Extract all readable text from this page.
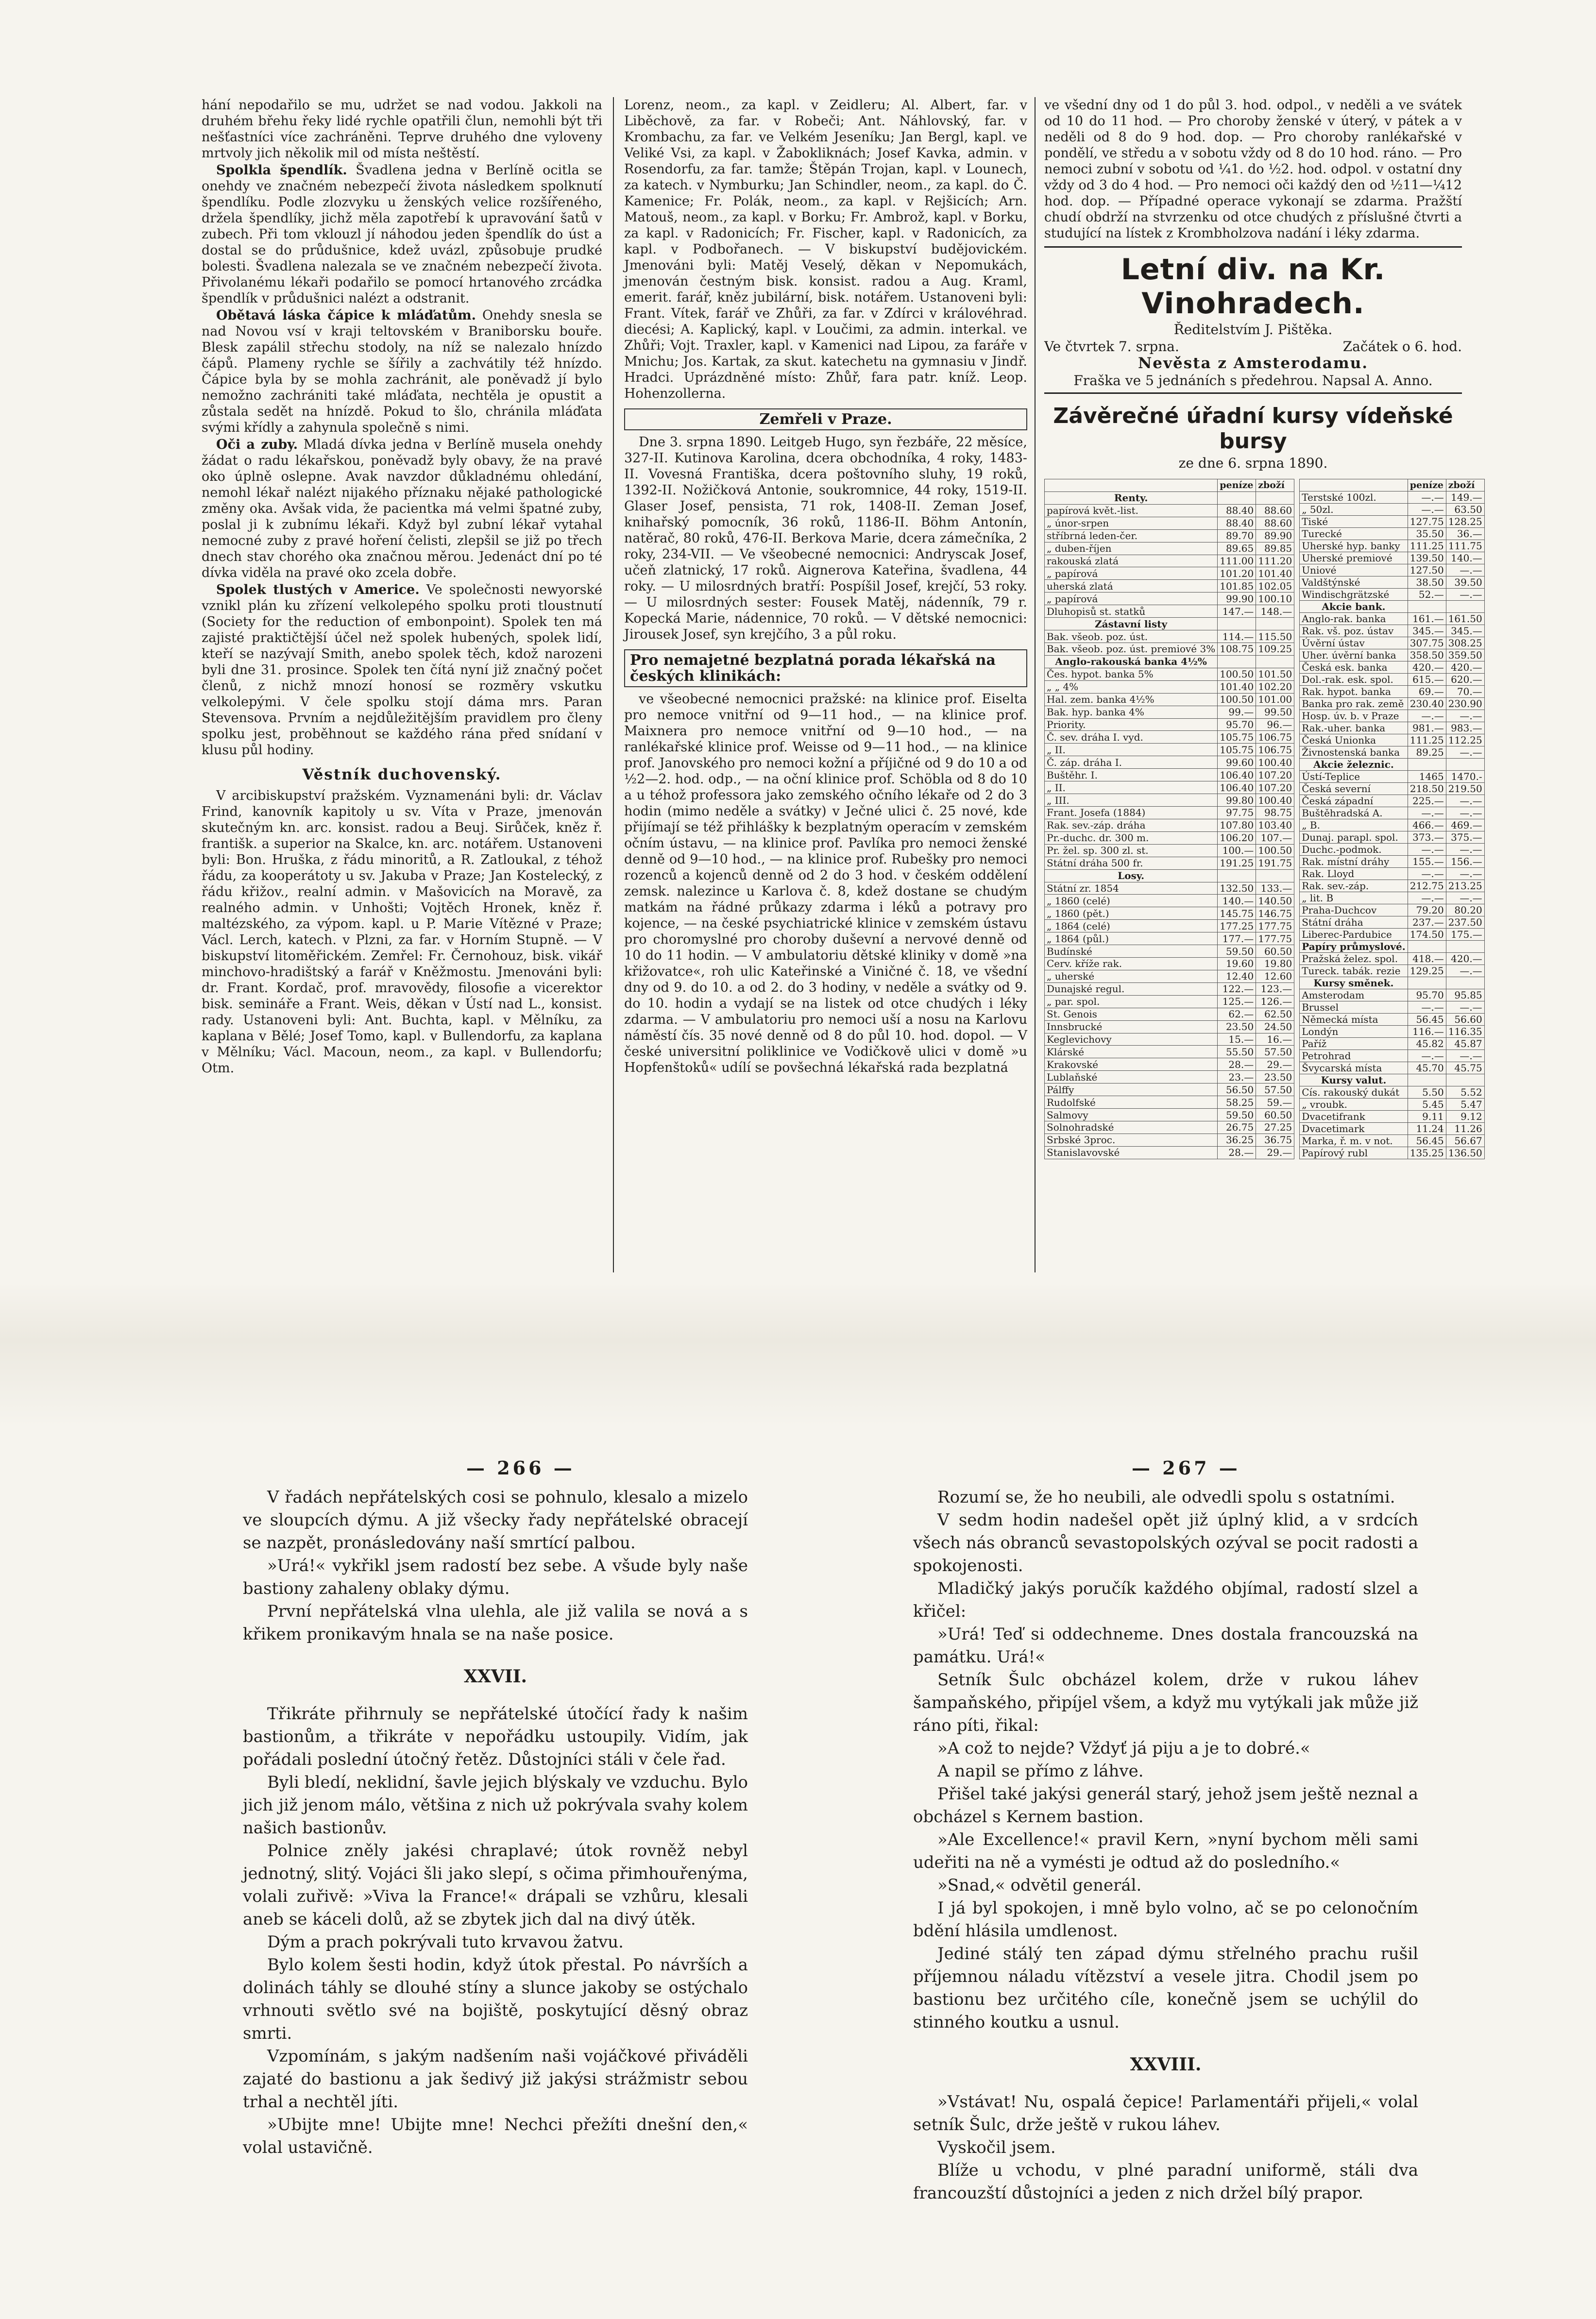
hání nepodařilo se mu, udržet se nad vodou. Jakkoli na druhém břehu řeky lidé rychle opatřili člun, nemohli být tři nešťastníci více zachráněni. Teprve druhého dne vyloveny mrtvoly jich několik mil od místa neštěstí.

Spolkla špendlík. Švadlena jedna v Berlíně ocitla se onehdy ve značném nebezpečí života následkem spolknutí špendlíku. Podle zlozvyku u ženských velice rozšířeného, držela špendlíky, jichž měla zapotřebí k upravování šatů v zubech. Při tom vklouzl jí náhodou jeden špendlík do úst a dostal se do průdušnice, kdež uvázl, způsobuje prudké bolesti. Švadlena nalezala se ve značném nebezpečí života. Přivolanému lékaři podařilo se pomocí hrtanového zrcádka špendlík v průdušnici nalézt a odstranit.

Obětavá láska čápice k mláďatům. Onehdy snesla se nad Novou vsí v kraji teltovském v Braniborsku bouře. Blesk zapálil střechu stodoly, na níž se nalezalo hnízdo čápů. Plameny rychle se šířily a zachvátily též hnízdo. Čápice byla by se mohla zachránit, ale poněvadž jí bylo nemožno zachrániti také mláďata, nechtěla je opustit a zůstala sedět na hnízdě. Pokud to šlo, chránila mláďata svými křídly a zahynula společně s nimi.

Oči a zuby. Mladá dívka jedna v Berlíně musela onehdy žádat o radu lékařskou, poněvadž byly obavy, že na pravé oko úplně oslepne. Avak navzdor důkladnému ohledání, nemohl lékař nalézt nijakého příznaku nějaké pathologické změny oka. Avšak vida, že pacientka má velmi špatné zuby, poslal ji k zubnímu lékaři. Když byl zubní lékař vytahal nemocné zuby z pravé hoření čelisti, zlepšil se již po třech dnech stav chorého oka značnou měrou. Jedenáct dní po té dívka viděla na pravé oko zcela dobře.

Spolek tlustých v Americe. Ve společnosti newyorské vznikl plán ku zřízení velkolepého spolku proti tloustnutí (Society for the reduction of embonpoint). Spolek ten má zajisté praktičtější účel než spolek hubených, spolek lidí, kteří se nazývají Smith, anebo spolek těch, kdož narozeni byli dne 31. prosince. Spolek ten čítá nyní již značný počet členů, z nichž mnozí honosí se rozměry vskutku velkolepými. V čele spolku stojí dáma mrs. Paran Stevensova. Prvním a nejdůležitějším pravidlem pro členy spolku jest, proběhnout se každého rána před snídaní v klusu půl hodiny.

Věstník duchovenský.

V arcibiskupství pražském. Vyznamenáni byli: dr. Václav Frind, kanovník kapitoly u sv. Víta v Praze, jmenován skutečným kn. arc. konsist. radou a Beuj. Sirůček, kněz ř. františk. a superior na Skalce, kn. arc. notářem. Ustanoveni byli: Bon. Hruška, z řádu minoritů, a R. Zatloukal, z téhož řádu, za kooperátoty u sv. Jakuba v Praze; Jan Kostelecký, z řádu křižov., realní admin. v Mašovicích na Moravě, za realného admin. v Unhošti; Vojtěch Hronek, kněz ř. maltézského, za výpom. kapl. u P. Marie Vítězné v Praze; Václ. Lerch, katech. v Plzni, za far. v Horním Stupně. — V biskupství litoměřickém. Zemřel: Fr. Černohouz, bisk. vikář minchovo-hradištský a farář v Kněžmostu. Jmenováni byli: dr. Frant. Kordač, prof. mravovědy, filosofie a vicerektor bisk. semináře a Frant. Weis, děkan v Ústí nad L., konsist. rady. Ustanoveni byli: Ant. Buchta, kapl. v Mělníku, za kaplana v Bělé; Josef Tomo, kapl. v Bullendorfu, za kaplana v Mělníku; Václ. Macoun, neom., za kapl. v Bullendorfu; Otm.

Lorenz, neom., za kapl. v Zeidleru; Al. Albert, far. v Liběchově, za far. v Robeči; Ant. Náhlovský, far. v Krombachu, za far. ve Velkém Jeseníku; Jan Bergl, kapl. ve Veliké Vsi, za kapl. v Žabokliknách; Josef Kavka, admin. v Rosendorfu, za far. tamže; Štěpán Trojan, kapl. v Lounech, za katech. v Nymburku; Jan Schindler, neom., za kapl. do Č. Kamenice; Fr. Polák, neom., za kapl. v Rejšicích; Arn. Matouš, neom., za kapl. v Borku; Fr. Ambrož, kapl. v Borku, za kapl. v Radonicích; Fr. Fischer, kapl. v Radonicích, za kapl. v Podbořanech. — V biskupství budějovickém. Jmenováni byli: Matěj Veselý, děkan v Nepomukách, jmenován čestným bisk. konsist. radou a Aug. Kraml, emerit. farář, kněz jubilární, bisk. notářem. Ustanoveni byli: Frant. Vítek, farář ve Zhůři, za far. v Zdírci v královéhrad. diecési; A. Kaplický, kapl. v Loučimi, za admin. interkal. ve Zhůři; Vojt. Traxler, kapl. v Kamenici nad Lipou, za faráře v Mnichu; Jos. Kartak, za skut. katechetu na gymnasiu v Jindř. Hradci. Uprázdněné místo: Zhůř, fara patr. kníž. Leop. Hohenzollerna.

Zemřeli v Praze.

Dne 3. srpna 1890. Leitgeb Hugo, syn řezbáře, 22 měsíce, 327-II. Kutinova Karolina, dcera obchodníka, 4 roky, 1483-II. Vovesná Františka, dcera poštovního sluhy, 19 roků, 1392-II. Nožičková Antonie, soukromnice, 44 roky, 1519-II. Glaser Josef, pensista, 71 rok, 1408-II. Zeman Josef, knihařský pomocník, 36 roků, 1186-II. Böhm Antonín, natěrač, 80 roků, 476-II. Berkova Marie, dcera zámečníka, 2 roky, 234-VII. — Ve všeobecné nemocnici: Andryscak Josef, učeň zlatnický, 17 roků. Aignerova Kateřina, švadlena, 44 roky. — U milosrdných bratří: Pospíšil Josef, krejčí, 53 roky. — U milosrdných sester: Fousek Matěj, nádenník, 79 r. Kopecká Marie, nádennice, 70 roků. — V dětské nemocnici: Jirousek Josef, syn krejčího, 3 a půl roku.

Pro nemajetné bezplatná porada lékařská na českých klinikách:

ve všeobecné nemocnici pražské: na klinice prof. Eiselta pro nemoce vnitřní od 9—11 hod., — na klinice prof. Maixnera pro nemoce vnitřní od 9—10 hod., — na ranlékařské klinice prof. Weisse od 9—11 hod., — na klinice prof. Janovského pro nemoci kožní a příjičné od 9 do 10 a od ½2—2. hod. odp., — na oční klinice prof. Schöbla od 8 do 10 a u téhož professora jako zemského očního lékaře od 2 do 3 hodin (mimo neděle a svátky) v Ječné ulici č. 25 nové, kde přijímají se též přihlášky k bezplatným operacím v zemském očním ústavu, — na klinice prof. Pavlíka pro nemoci ženské denně od 9—10 hod., — na klinice prof. Rubešky pro nemoci rozenců a kojenců denně od 2 do 3 hod. v českém oddělení zemsk. nalezince u Karlova č. 8, kdež dostane se chudým matkám na řádné průkazy zdarma i léků a potravy pro kojence, — na české psychiatrické klinice v zemském ústavu pro choromyslné pro choroby duševní a nervové denně od 10 do 11 hodin. — V ambulatoriu dětské kliniky v domě »na křižovatce«, roh ulic Kateřinské a Viničné č. 18, ve všední dny od 9. do 10. a od 2. do 3 hodiny, v neděle a svátky od 9. do 10. hodin a vydají se na listek od otce chudých i léky zdarma. — V ambulatoriu pro nemoci uší a nosu na Karlovu náměstí čís. 35 nové denně od 8 do půl 10. hod. dopol. — V české universitní poliklinice ve Vodičkově ulici v domě »u Hopfenštoků« udílí se povšechná lékařská rada bezplatná

ve všední dny od 1 do půl 3. hod. odpol., v neděli a ve svátek od 10 do 11 hod. — Pro choroby ženské v úterý, v pátek a v neděli od 8 do 9 hod. dop. — Pro choroby ranlékařské v pondělí, ve středu a v sobotu vždy od 8 do 10 hod. ráno. — Pro nemoci zubní v sobotu od ¼1. do ½2. hod. odpol. v ostatní dny vždy od 3 do 4 hod. — Pro nemoci oči každý den od ½11—¼12 hod. dop. — Případné operace vykonají se zdarma. Pražští chudí obdrží na stvrzenku od otce chudých z příslušné čtvrti a studující na lístek z Krombholzova nadání i léky zdarma.

Letní div. na Kr. Vinohradech.
Ředitelstvím J. Pištěka.
Ve čtvrtek 7. srpna.	Začátek o 6. hod.
Nevěsta z Amsterodamu.
Fraška ve 5 jednáních s předehrou. Napsal A. Anno.
Závěrečné úřadní kursy vídeňské bursy
ze dne 6. srpna 1890.
	peníze	zboží
Renty.		
papírová květ.-list.	88.40	88.60
„ únor-srpen	88.40	88.60
stříbrná leden-čer.	89.70	89.90
„ duben-říjen	89.65	89.85
rakouská zlatá	111.00	111.20
„ papírová	101.20	101.40
uherská zlatá	101.85	102.05
„ papírová	99.90	100.10
Dluhopisů st. statků	147.—	148.—
Zástavní listy		
Bak. všeob. poz. úst.	114.—	115.50
Bak. všeob. poz. úst. premiové 3%	108.75	109.25
Anglo-rakouská banka 4½%		
Čes. hypot. banka 5%	100.50	101.50
„ „ 4%	101.40	102.20
Hal. zem. banka 4½%	100.50	101.00
Bak. hyp. banka 4%	99.—	99.50
Priority.	95.70	96.—
Č. sev. dráha I. vyd.	105.75	106.75
„ II.	105.75	106.75
Č. záp. dráha I.	99.60	100.40
Buštěhr. I.	106.40	107.20
„ II.	106.40	107.20
„ III.	99.80	100.40
Frant. Josefa (1884)	97.75	98.75
Rak. sev.-záp. dráha	107.80	103.40
Pr.-duchc. dr. 300 m.	106.20	107.—
Pr. žel. sp. 300 zl. st.	100.—	100.50
Státní dráha 500 fr.	191.25	191.75
Losy.		
Státní zr. 1854	132.50	133.—
„ 1860 (celé)	140.—	140.50
„ 1860 (pět.)	145.75	146.75
„ 1864 (celé)	177.25	177.75
„ 1864 (půl.)	177.—	177.75
Budínské	59.50	60.50
Cerv. kříže rak.	19.60	19.80
„ uherské	12.40	12.60
Dunajské regul.	122.—	123.—
„ par. spol.	125.—	126.—
St. Genois	62.—	62.50
Innsbrucké	23.50	24.50
Keglevichovy	15.—	16.—
Klárské	55.50	57.50
Krakovské	28.—	29.—
Lublaňské	23.—	23.50
Pálffy	56.50	57.50
Rudolfské	58.25	59.—
Salmovy	59.50	60.50
Solnohradské	26.75	27.25
Srbské 3proc.	36.25	36.75
Stanislavovské	28.—	29.—
	peníze	zboží
Terstské 100zl.	—.—	149.—
„ 50zl.	—.—	63.50
Tiské	127.75	128.25
Turecké	35.50	36.—
Uherské hyp. banky	111.25	111.75
Uherské premiové	139.50	140.—
Uniové	127.50	—.—
Valdštýnské	38.50	39.50
Windischgrätzské	52.—	—.—
Akcie bank.		
Anglo-rak. banka	161.—	161.50
Rak. vš. poz. ústav	345.—	345.—
Úvěrní ústav	307.75	308.25
Uher. úvěrní banka	358.50	359.50
Česká esk. banka	420.—	420.—
Dol.-rak. esk. spol.	615.—	620.—
Rak. hypot. banka	69.—	70.—
Banka pro rak. země	230.40	230.90
Hosp. úv. b. v Praze	—.—	—.—
Rak.-uher. banka	981.—	983.—
Česká Unionka	111.25	112.25
Živnostenská banka	89.25	—.—
Akcie železnic.		
Ústí-Teplice	1465	1470.-
Česká severní	218.50	219.50
Česká západní	225.—	—.—
Buštěhradská A.	—.—	—.—
„ B.	466.—	469.—
Dunaj. parapl. spol.	373.—	375.—
Duchc.-podmok.	—.—	—.—
Rak. místní dráhy	155.—	156.—
Rak. Lloyd	—.—	—.—
Rak. sev.-záp.	212.75	213.25
„ lit. B	—.—	—.—
Praha-Duchcov	79.20	80.20
Státní dráha	237.—	237.50
Liberec-Pardubice	174.50	175.—
Papíry průmyslové.		
Pražská želez. spol.	418.—	420.—
Tureck. tabák. rezie	129.25	—.—
Kursy směnek.		
Amsterodam	95.70	95.85
Brussel	—.—	—.—
Německá místa	56.45	56.60
Londýn	116.—	116.35
Paříž	45.82	45.87
Petrohrad	—.—	—.—
Švycarská místa	45.70	45.75
Kursy valut.		
Cís. rakouský dukát	5.50	5.52
„ vroubk.	5.45	5.47
Dvacetifrank	9.11	9.12
Dvacetimark	11.24	11.26
Marka, ř. m. v not.	56.45	56.67
Papírový rubl	135.25	136.50
— 266 —	— 267 —

V řadách nepřátelských cosi se pohnulo, klesalo a mizelo ve sloupcích dýmu. A již všecky řady nepřátelské obracejí se nazpět, pronásledovány naší smrtící palbou.

»Urá!« vykřikl jsem radostí bez sebe. A všude byly naše bastiony zahaleny oblaky dýmu.

První nepřátelská vlna ulehla, ale již valila se nová a s křikem pronikavým hnala se na naše posice.

XXVII.

Třikráte přihrnuly se nepřátelské útočící řady k našim bastionům, a třikráte v nepořádku ustoupily. Vidím, jak pořádali poslední útočný řetěz. Důstojníci stáli v čele řad.

Byli bledí, neklidní, šavle jejich blýskaly ve vzduchu. Bylo jich již jenom málo, většina z nich už pokrývala svahy kolem našich bastionův.

Polnice zněly jakési chraplavé; útok rovněž nebyl jednotný, slitý. Vojáci šli jako slepí, s očima přimhouřenýma, volali zuřivě: »Viva la France!« drápali se vzhůru, klesali aneb se káceli dolů, až se zbytek jich dal na divý útěk.

Dým a prach pokrývali tuto krvavou žatvu.

Bylo kolem šesti hodin, když útok přestal. Po návrších a dolinách táhly se dlouhé stíny a slunce jakoby se ostýchalo vrhnouti světlo své na bojiště, poskytující děsný obraz smrti.

Vzpomínám, s jakým nadšením naši vojáčkové přiváděli zajaté do bastionu a jak šedivý již jakýsi strážmistr sebou trhal a nechtěl jíti.

»Ubijte mne! Ubijte mne! Nechci přežíti dnešní den,« volal ustavičně.

Rozumí se, že ho neubili, ale odvedli spolu s ostatními.

V sedm hodin nadešel opět již úplný klid, a v srdcích všech nás obranců sevastopolských ozýval se pocit radosti a spokojenosti.

Mladičký jakýs poručík každého objímal, radostí slzel a křičel:

»Urá! Teď si oddechneme. Dnes dostala francouzská na památku. Urá!«

Setník Šulc obcházel kolem, drže v rukou láhev šampaňského, připíjel všem, a když mu vytýkali jak může již ráno píti, řikal:

»A což to nejde? Vždyť já piju a je to dobré.«

A napil se přímo z láhve.

Přišel také jakýsi generál starý, jehož jsem ještě neznal a obcházel s Kernem bastion.

»Ale Excellence!« pravil Kern, »nyní bychom měli sami udeřiti na ně a vymésti je odtud až do posledního.«

»Snad,« odvětil generál.

I já byl spokojen, i mně bylo volno, ač se po celonočním bdění hlásila umdlenost.

Jediné stálý ten západ dýmu střelného prachu rušil příjemnou náladu vítězství a vesele jitra. Chodil jsem po bastionu bez určitého cíle, konečně jsem se uchýlil do stinného koutku a usnul.

XXVIII.

»Vstávat! Nu, ospalá čepice! Parlamentáři přijeli,« volal setník Šulc, drže ještě v rukou láhev.

Vyskočil jsem.

Blíže u vchodu, v plné paradní uniformě, stáli dva francouzští důstojníci a jeden z nich držel bílý prapor.
